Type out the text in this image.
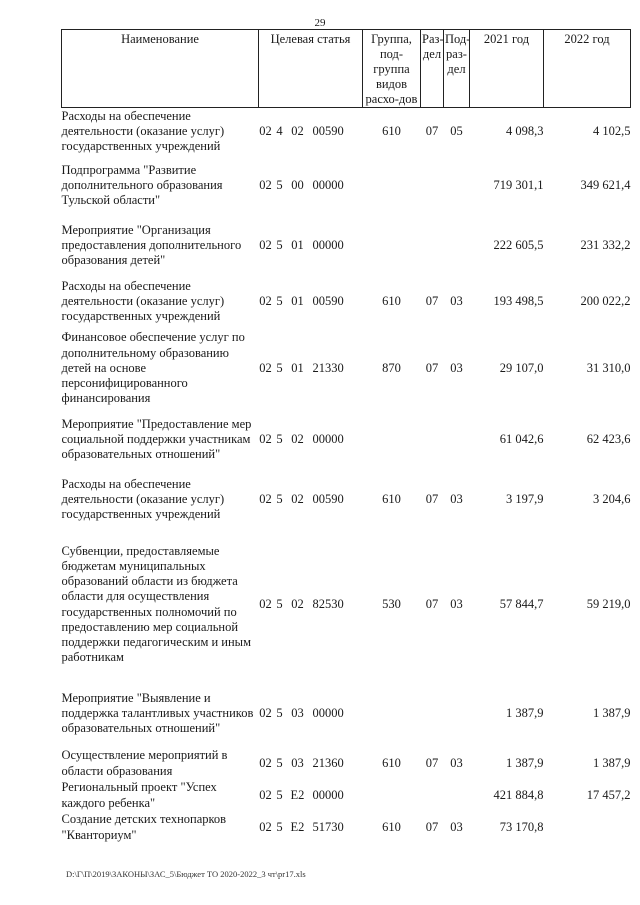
29
Наименование	Целевая статья	Группа, под-группа видов расхо-дов	Раз-дел	Под-раз-дел	2021 год	2022 год
Расходы на обеспечение деятельности (оказание услуг) государственных учреждений	02 4 02 00590	610	07	05	4 098,3	4 102,5
Подпрограмма "Развитие дополнительного образования Тульской области"	02 5 00 00000				719 301,1	349 621,4
Мероприятие "Организация предоставления дополнительного образования детей"	02 5 01 00000				222 605,5	231 332,2
Расходы на обеспечение деятельности (оказание услуг) государственных учреждений	02 5 01 00590	610	07	03	193 498,5	200 022,2
Финансовое обеспечение услуг по дополнительному образованию детей на основе персонифицированного финансирования	02 5 01 21330	870	07	03	29 107,0	31 310,0
Мероприятие "Предоставление мер социальной поддержки участникам образовательных отношений"	02 5 02 00000				61 042,6	62 423,6
Расходы на обеспечение деятельности (оказание услуг) государственных учреждений	02 5 02 00590	610	07	03	3 197,9	3 204,6
Субвенции, предоставляемые бюджетам муниципальных образований области из бюджета области для осуществления государственных полномочий по предоставлению мер социальной поддержки педагогическим и иным работникам	02 5 02 82530	530	07	03	57 844,7	59 219,0
Мероприятие "Выявление и поддержка талантливых участников образовательных отношений"	02 5 03 00000				1 387,9	1 387,9
Осуществление мероприятий в области образования	02 5 03 21360	610	07	03	1 387,9	1 387,9
Региональный проект "Успех каждого ребенка"	02 5 E2 00000				421 884,8	17 457,2
Создание детских технопарков "Кванториум"	02 5 E2 51730	610	07	03	73 170,8	
D:\Г\П\2019\ЗАКОНЫ\ЗАС_5\Бюджет ТО 2020-2022_3 чт\pr17.xls
